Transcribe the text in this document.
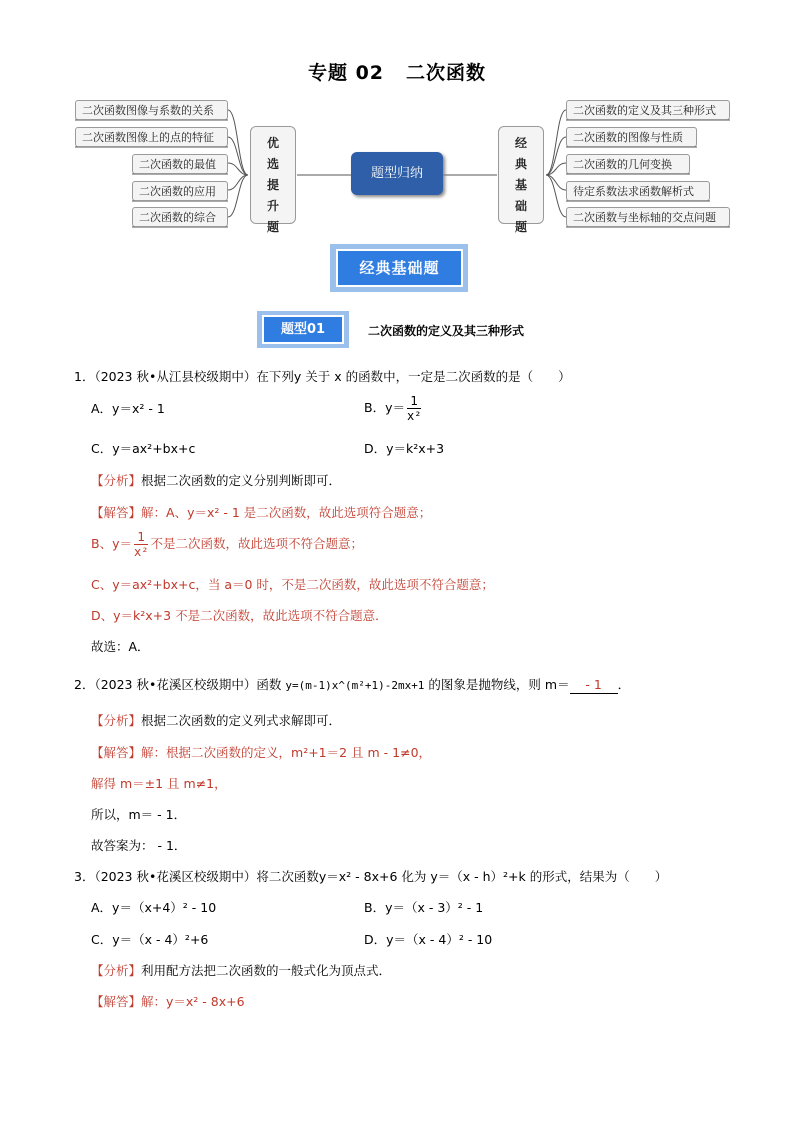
专题 02 二次函数
二次函数图像与系数的关系
二次函数图像上的点的特征
二次函数的最值
二次函数的应用
二次函数的综合
优选提升题
题型归纳
经典基础题
二次函数的定义及其三种形式
二次函数的图像与性质
二次函数的几何变换
待定系数法求函数解析式
二次函数与坐标轴的交点问题
经典基础题
题型01	二次函数的定义及其三种形式
1．（2023 秋•从江县校级期中）在下列y 关于 x 的函数中，一定是二次函数的是（　　）
A．y＝x² - 1	B．$y= \frac{1}{\text{x²}}$
C．y＝ax²+bx+c	D．y＝k²x+3
【分析】根据二次函数的定义分别判断即可．
【解答】解：A、y＝x² - 1 是二次函数，故此选项符合题意；
B、$y= \frac{1}{\text{x²}}$ 不是二次函数，故此选项不符合题意；
C、y＝ax²+bx+c，当 a＝0 时，不是二次函数，故此选项不符合题意；
D、y＝k²x+3 不是二次函数，故此选项不符合题意．
故选：A．
2．（2023 秋•花溪区校级期中）函数 y=(m-1)x^(m²+1)-2mx+1 的图象是抛物线，则 m＝ - 1 ．
【分析】根据二次函数的定义列式求解即可．
【解答】解：根据二次函数的定义，m²+1＝2 且 m - 1≠0，
解得 m＝±1 且 m≠1，
所以，m＝ - 1．
故答案为： - 1．
3．（2023 秋•花溪区校级期中）将二次函数y＝x² - 8x+6 化为 y＝（x - h）²+k 的形式，结果为（　　）
A．y＝（x+4）² - 10	B．y＝（x - 3）² - 1
C．y＝（x - 4）²+6	D．y＝（x - 4）² - 10
【分析】利用配方法把二次函数的一般式化为顶点式．
【解答】解：y＝x² - 8x+6
